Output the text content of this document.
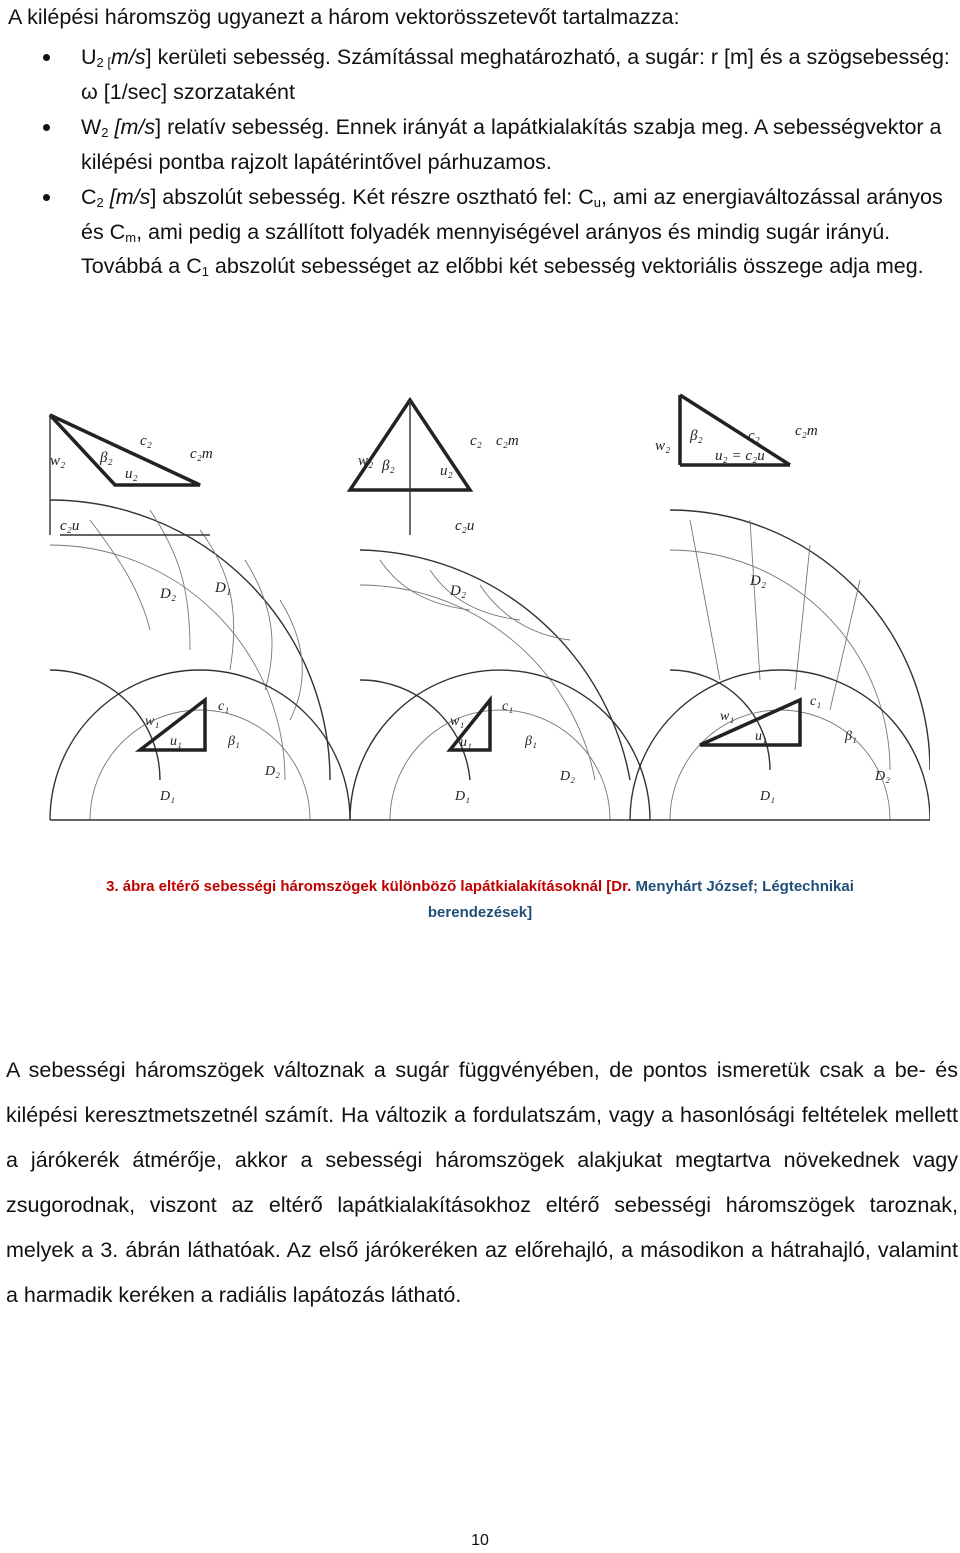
A kilépési háromszög ugyanezt a három vektorösszetevőt tartalmazza:
$U_{2 [}m/s$] kerületi sebesség. Számítással meghatározható, a sugár: r [m] és a szögsebesség: ω [1/sec] szorzataként
$W_2$ [m/s] relatív sebesség. Ennek irányát a lapátkialakítás szabja meg. A sebességvektor a kilépési pontba rajzolt lapátérintővel párhuzamos.
$C_2$ [m/s] abszolút sebesség. Két részre osztható fel: $C_u$, ami az energiaváltozással arányos és $C_m$, ami pedig a szállított folyadék mennyiségével arányos és mindig sugár irányú. Továbbá a $C_1$ abszolút sebességet az előbbi két sebesség vektoriális összege adja meg.
w₂ β₂
c₂
c₂m
u₂
c₂u
D₂	D₁
w₂ β₂
c₂ c₂m
u₂
c₂u
D₂
w₂
β₂	c₂ c₂m
u₂ = c₂u
D₂
w₁
c₁
u₁	β₁
D₂
D₁
w₁
c₁
u₁	β₁
D₂
D₁
w₁
c₁
u₁	β₁
D₂
D₁
3. ábra eltérő sebességi háromszögek különböző lapátkialakításoknál [Dr. Menyhárt József; Légtechnikai
berendezések]
A sebességi háromszögek változnak a sugár függvényében, de pontos ismeretük csak a be- és kilépési keresztmetszetnél számít. Ha változik a fordulatszám, vagy a hasonlósági feltételek mellett a járókerék átmérője, akkor a sebességi háromszögek alakjukat megtartva növekednek vagy zsugorodnak, viszont az eltérő lapátkialakításokhoz eltérő sebességi háromszögek taroznak, melyek a 3. ábrán láthatóak. Az első járókeréken az előrehajló, a másodikon a hátrahajló, valamint a harmadik keréken a radiális lapátozás látható.
10
